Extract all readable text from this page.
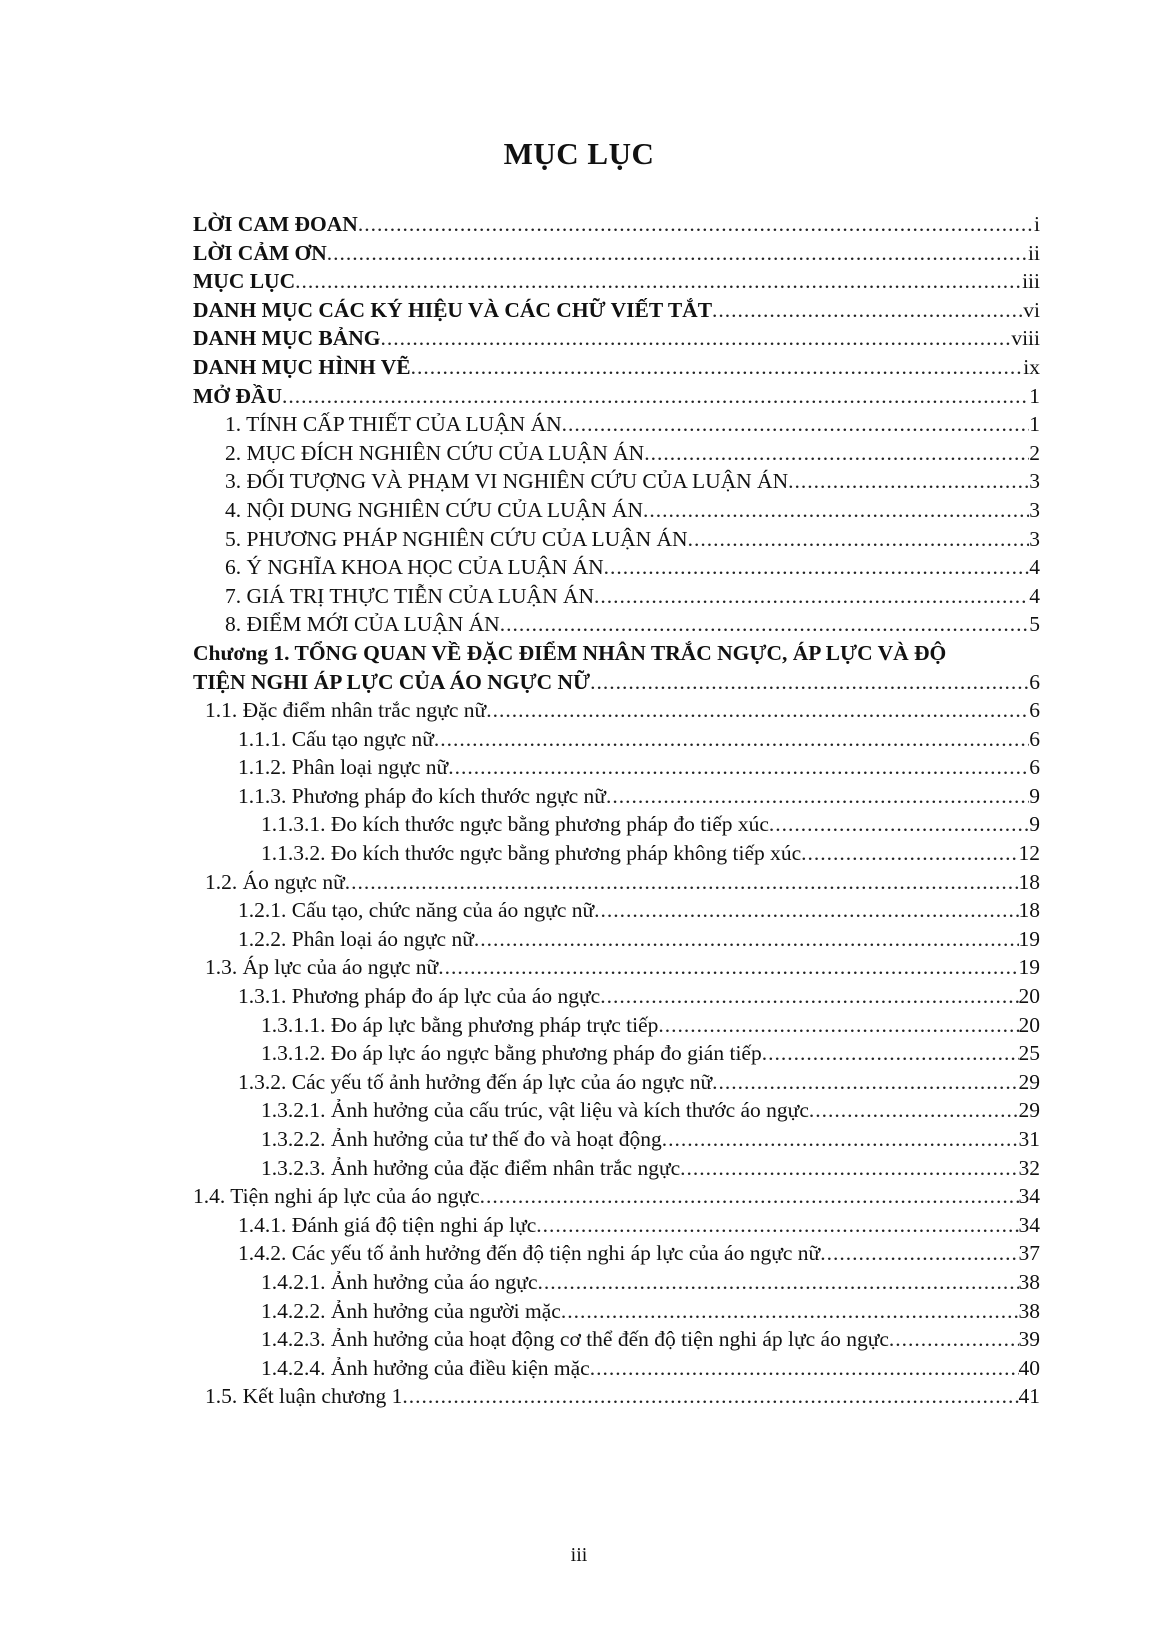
MỤC LỤC
LỜI CAM ĐOAN .....	i
LỜI CẢM ƠN .....	ii
MỤC LỤC .....	iii
DANH MỤC CÁC KÝ HIỆU VÀ CÁC CHỮ VIẾT TẮT .....	vi
DANH MỤC BẢNG .....	viii
DANH MỤC HÌNH VẼ .....	ix
MỞ ĐẦU .....	1
1. TÍNH CẤP THIẾT CỦA LUẬN ÁN .....	1
2. MỤC ĐÍCH NGHIÊN CỨU CỦA LUẬN ÁN .....	2
3. ĐỐI TƯỢNG VÀ PHẠM VI NGHIÊN CỨU CỦA LUẬN ÁN .....	3
4. NỘI DUNG NGHIÊN CỨU CỦA LUẬN ÁN .....	3
5. PHƯƠNG PHÁP NGHIÊN CỨU CỦA LUẬN ÁN .....	3
6. Ý NGHĨA KHOA HỌC CỦA LUẬN ÁN .....	4
7. GIÁ TRỊ THỰC TIỄN CỦA LUẬN ÁN .....	4
8. ĐIỂM MỚI CỦA LUẬN ÁN .....	5
Chương 1. TỔNG QUAN VỀ ĐẶC ĐIỂM NHÂN TRẮC NGỰC, ÁP LỰC VÀ ĐỘ
TIỆN NGHI ÁP LỰC CỦA ÁO NGỰC NỮ .....	6
1.1. Đặc điểm nhân trắc ngực nữ .....	6
1.1.1. Cấu tạo ngực nữ .....	6
1.1.2. Phân loại ngực nữ .....	6
1.1.3. Phương pháp đo kích thước ngực nữ .....	9
1.1.3.1. Đo kích thước ngực bằng phương pháp đo tiếp xúc .....	9
1.1.3.2. Đo kích thước ngực bằng phương pháp không tiếp xúc .....	12
1.2. Áo ngực nữ .....	18
1.2.1. Cấu tạo, chức năng của áo ngực nữ .....	18
1.2.2. Phân loại áo ngực nữ .....	19
1.3. Áp lực của áo ngực nữ .....	19
1.3.1. Phương pháp đo áp lực của áo ngực .....	20
1.3.1.1. Đo áp lực bằng phương pháp trực tiếp .....	20
1.3.1.2. Đo áp lực áo ngực bằng phương pháp đo gián tiếp .....	25
1.3.2. Các yếu tố ảnh hưởng đến áp lực của áo ngực nữ .....	29
1.3.2.1. Ảnh hưởng của cấu trúc, vật liệu và kích thước áo ngực .....	29
1.3.2.2. Ảnh hưởng của tư thế đo và hoạt động .....	31
1.3.2.3. Ảnh hưởng của đặc điểm nhân trắc ngực .....	32
1.4. Tiện nghi áp lực của áo ngực .....	34
1.4.1. Đánh giá độ tiện nghi áp lực .....	34
1.4.2. Các yếu tố ảnh hưởng đến độ tiện nghi áp lực của áo ngực nữ .....	37
1.4.2.1. Ảnh hưởng của áo ngực .....	38
1.4.2.2. Ảnh hưởng của người mặc .....	38
1.4.2.3. Ảnh hưởng của hoạt động cơ thể đến độ tiện nghi áp lực áo ngực .....	39
1.4.2.4. Ảnh hưởng của điều kiện mặc .....	40
1.5. Kết luận chương 1 .....	41
iii
